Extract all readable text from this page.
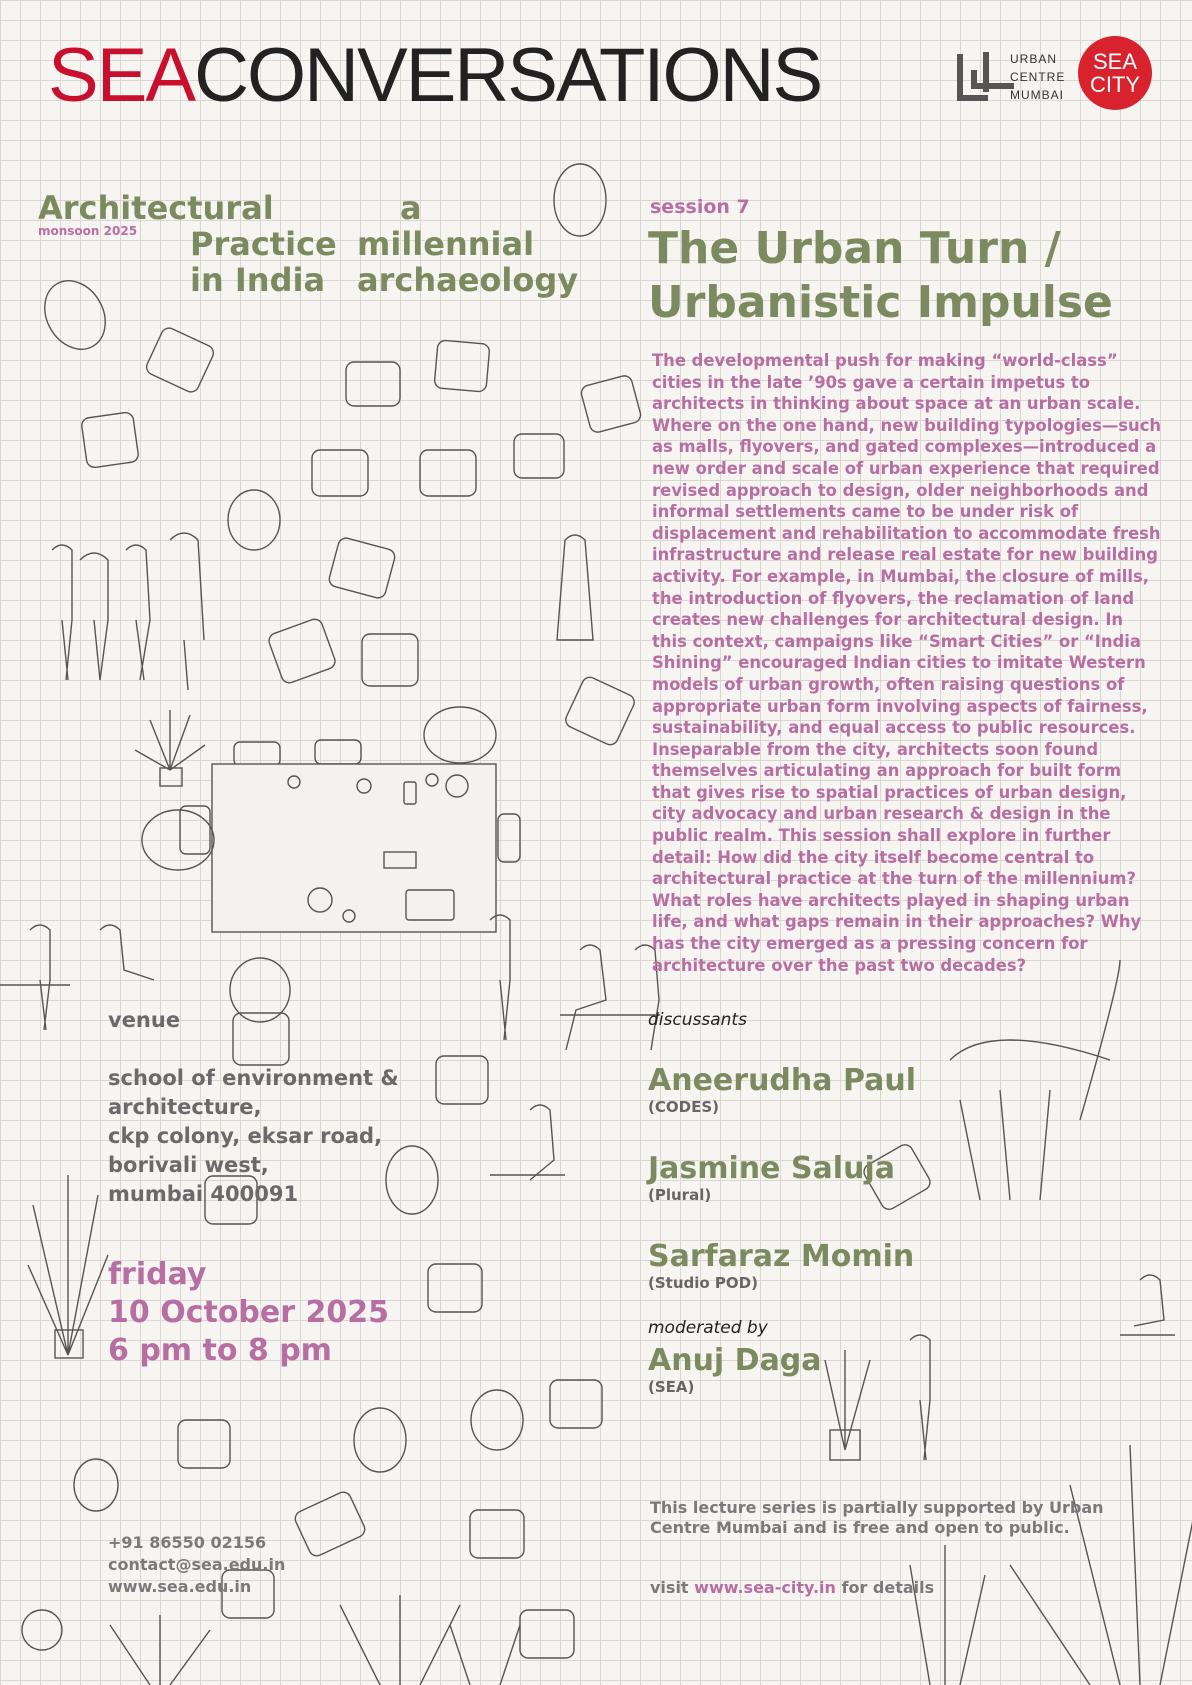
SEACONVERSATIONS	URBAN
CENTRE
MUMBAI
SEA
CITY
Architectural
Practice
in India
a
millennial
archaeology
monsoon 2025
session 7
The Urban Turn /
Urbanistic Impulse

The developmental push for making “world-class” cities in the late ’90s gave a certain impetus to architects in thinking about space at an urban scale. Where on the one hand, new building typologies—such as malls, flyovers, and gated complexes—introduced a new order and scale of urban experience that required revised approach to design, older neighborhoods and informal settlements came to be under risk of displacement and rehabilitation to accommodate fresh infrastructure and release real estate for new building activity. For example, in Mumbai, the closure of mills, the introduction of flyovers, the reclamation of land creates new challenges for architectural design. In this context, campaigns like “Smart Cities” or “India Shining” encouraged Indian cities to imitate Western models of urban growth, often raising questions of appropriate urban form involving aspects of fairness, sustainability, and equal access to public resources. Inseparable from the city, architects soon found themselves articulating an approach for built form that gives rise to spatial practices of urban design, city advocacy and urban research & design in the public realm. This session shall explore in further detail: How did the city itself become central to architectural practice at the turn of the millennium? What roles have architects played in shaping urban life, and what gaps remain in their approaches? Why has the city emerged as a pressing concern for architecture over the past two decades?

venue
school of environment &
architecture,
ckp colony, eksar road,
borivali west,
mumbai 400091
friday
10 October 2025
6 pm to 8 pm
+91 86550 02156
contact@sea.edu.in
www.sea.edu.in
discussants
Aneerudha Paul
(CODES)
Jasmine Saluja
(Plural)
Sarfaraz Momin
(Studio POD)
moderated by
Anuj Daga
(SEA)
This lecture series is partially supported by Urban Centre Mumbai and is free and open to public.
visit www.sea-city.in for details
